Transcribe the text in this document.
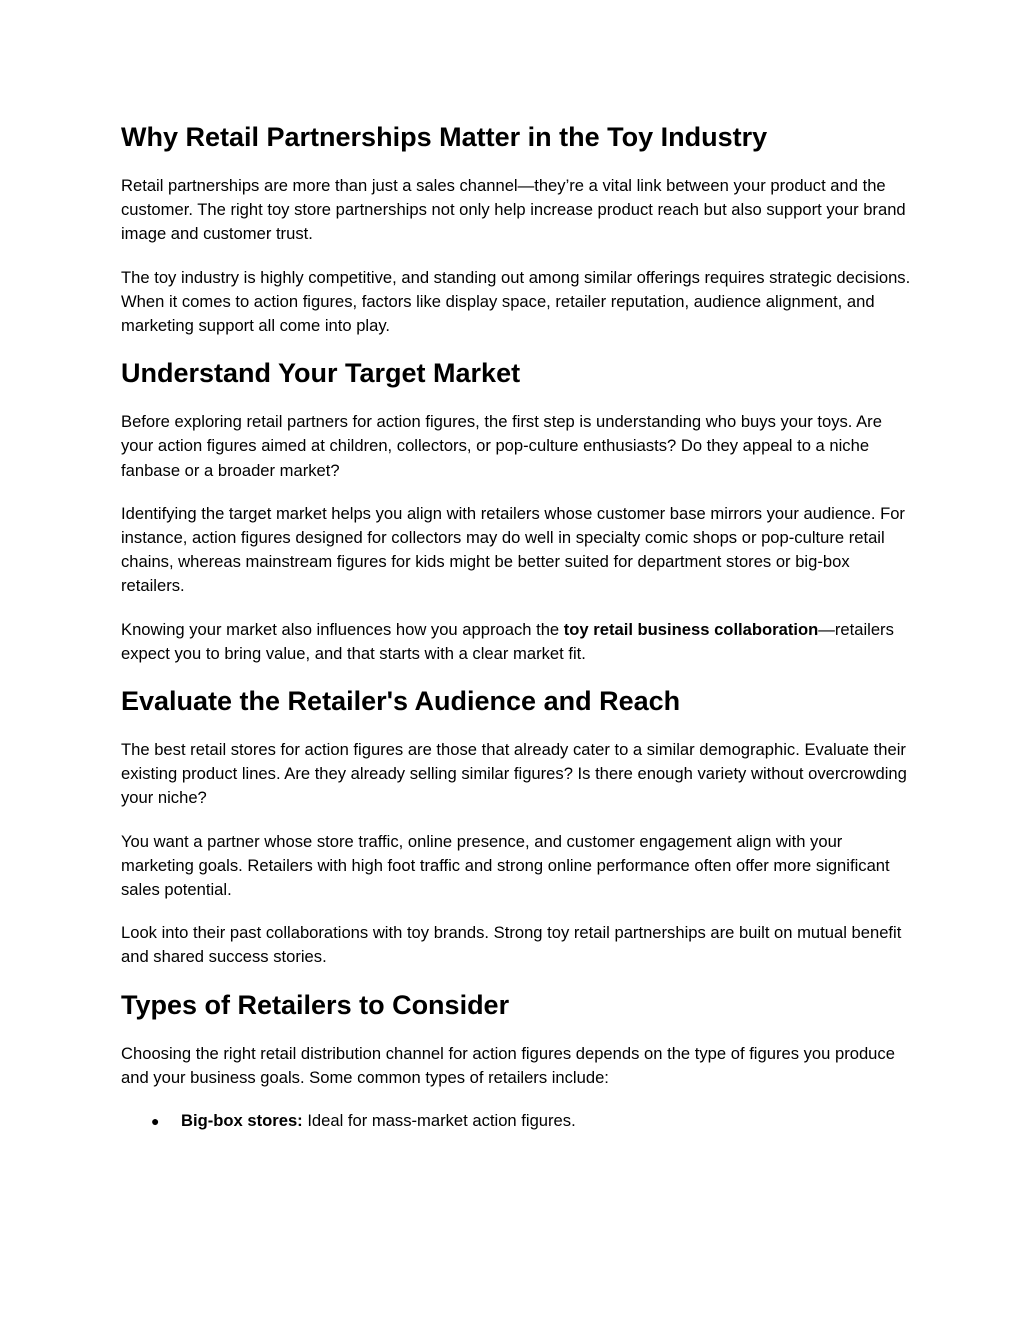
Why Retail Partnerships Matter in the Toy Industry

Retail partnerships are more than just a sales channel—they’re a vital link between your product and the customer. The right toy store partnerships not only help increase product reach but also support your brand image and customer trust.

The toy industry is highly competitive, and standing out among similar offerings requires strategic decisions. When it comes to action figures, factors like display space, retailer reputation, audience alignment, and marketing support all come into play.

Understand Your Target Market

Before exploring retail partners for action figures, the first step is understanding who buys your toys. Are your action figures aimed at children, collectors, or pop-culture enthusiasts? Do they appeal to a niche fanbase or a broader market?

Identifying the target market helps you align with retailers whose customer base mirrors your audience. For instance, action figures designed for collectors may do well in specialty comic shops or pop-culture retail chains, whereas mainstream figures for kids might be better suited for department stores or big-box retailers.

Knowing your market also influences how you approach the toy retail business collaboration—retailers expect you to bring value, and that starts with a clear market fit.

Evaluate the Retailer's Audience and Reach

The best retail stores for action figures are those that already cater to a similar demographic. Evaluate their existing product lines. Are they already selling similar figures? Is there enough variety without overcrowding your niche?

You want a partner whose store traffic, online presence, and customer engagement align with your marketing goals. Retailers with high foot traffic and strong online performance often offer more significant sales potential.

Look into their past collaborations with toy brands. Strong toy retail partnerships are built on mutual benefit and shared success stories.

Types of Retailers to Consider

Choosing the right retail distribution channel for action figures depends on the type of figures you produce and your business goals. Some common types of retailers include:

● Big-box stores: Ideal for mass-market action figures.
